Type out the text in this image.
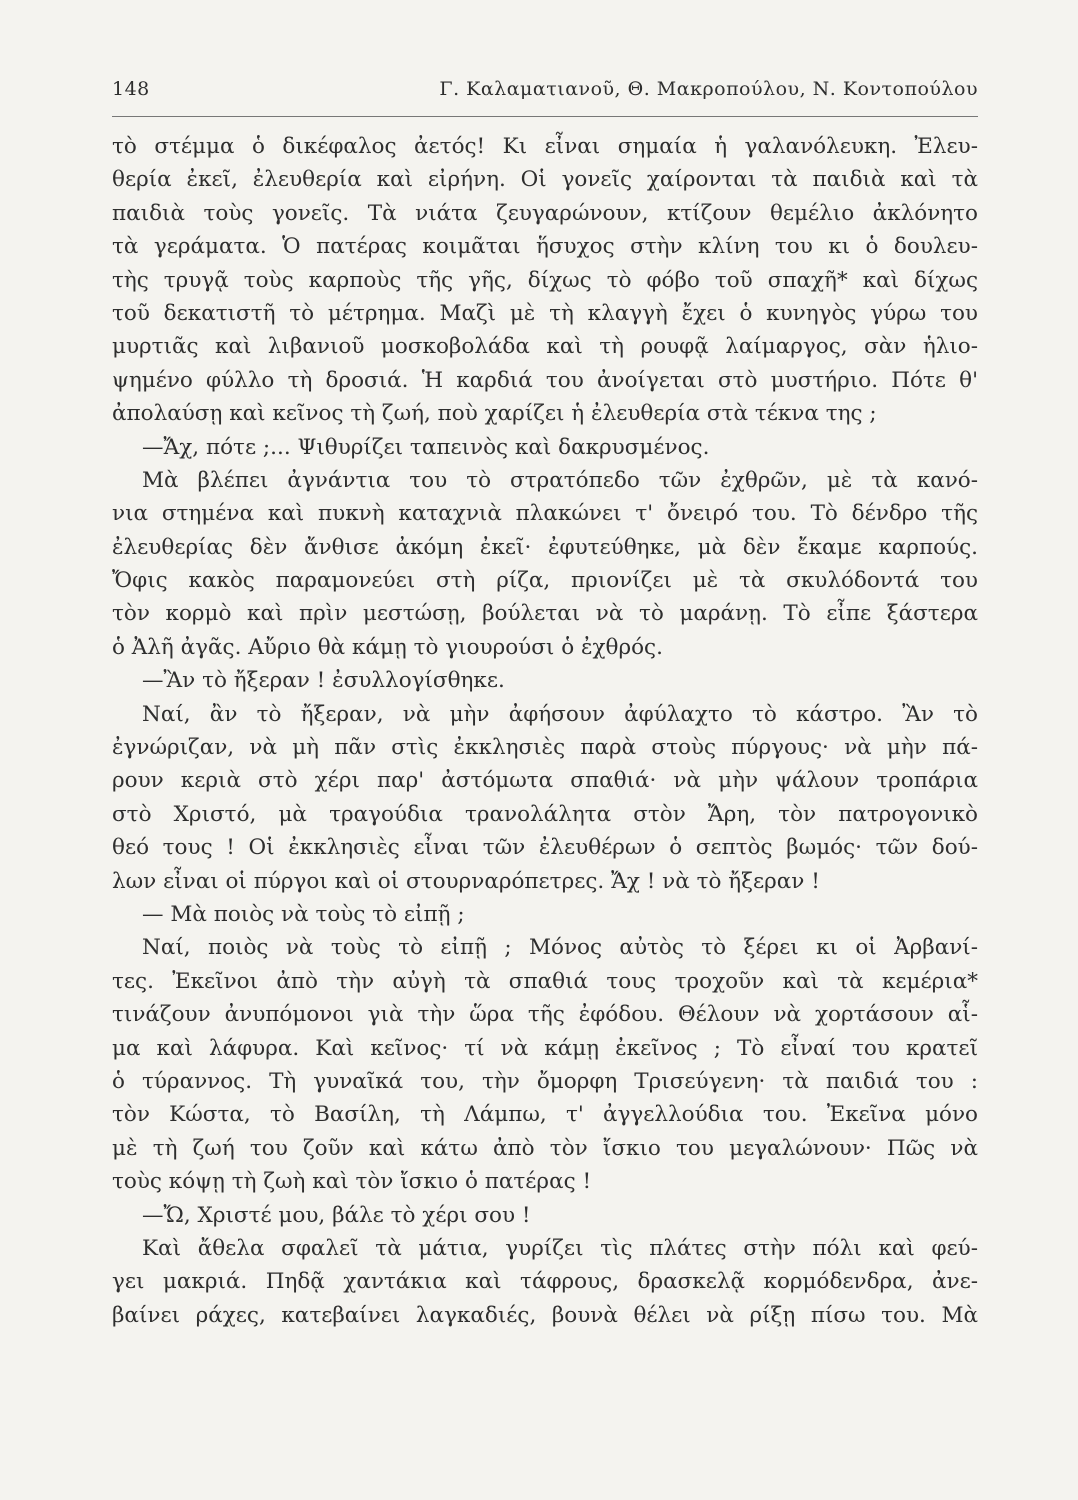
148	Γ. Καλαματιανοῦ, Θ. Μακροπούλου, Ν. Κοντοπούλου
τὸ στέμμα ὁ δικέφαλος ἀετός! Κι εἶναι σημαία ἡ γαλανόλευκη. Ἐλευ-
θερία ἐκεῖ, ἐλευθερία καὶ εἰρήνη. Οἱ γονεῖς χαίρονται τὰ παιδιὰ καὶ τὰ
παιδιὰ τοὺς γονεῖς. Τὰ νιάτα ζευγαρώνουν, κτίζουν θεμέλιο ἀκλόνητο
τὰ γεράματα. Ὁ πατέρας κοιμᾶται ἥσυχος στὴν κλίνη του κι ὁ δουλευ-
τὴς τρυγᾷ τοὺς καρποὺς τῆς γῆς, δίχως τὸ φόβο τοῦ σπαχῆ* καὶ δίχως
τοῦ δεκατιστῆ τὸ μέτρημα. Μαζὶ μὲ τὴ κλαγγὴ ἔχει ὁ κυνηγὸς γύρω του
μυρτιᾶς καὶ λιβανιοῦ μοσκοβολάδα καὶ τὴ ρουφᾷ λαίμαργος, σὰν ἡλιο-
ψημένο φύλλο τὴ δροσιά. Ἡ καρδιά του ἀνοίγεται στὸ μυστήριο. Πότε θ'
ἀπολαύσῃ καὶ κεῖνος τὴ ζωή, ποὺ χαρίζει ἡ ἐλευθερία στὰ τέκνα της ;
—Ἄχ, πότε ;... Ψιθυρίζει ταπεινὸς καὶ δακρυσμένος.
Μὰ βλέπει ἀγνάντια του τὸ στρατόπεδο τῶν ἐχθρῶν, μὲ τὰ κανό-
νια στημένα καὶ πυκνὴ καταχνιὰ πλακώνει τ' ὄνειρό του. Τὸ δένδρο τῆς
ἐλευθερίας δὲν ἄνθισε ἀκόμη ἐκεῖ· ἐφυτεύθηκε, μὰ δὲν ἔκαμε καρπούς.
Ὄφις κακὸς παραμονεύει στὴ ρίζα, πριονίζει μὲ τὰ σκυλόδοντά του
τὸν κορμὸ καὶ πρὶν μεστώσῃ, βούλεται νὰ τὸ μαράνῃ. Τὸ εἶπε ξάστερα
ὁ Ἀλῆ ἀγᾶς. Αὔριο θὰ κάμῃ τὸ γιουρούσι ὁ ἐχθρός.
—Ἂν τὸ ἤξεραν ! ἐσυλλογίσθηκε.
Ναί, ἂν τὸ ἤξεραν, νὰ μὴν ἀφήσουν ἀφύλαχτο τὸ κάστρο. Ἂν τὸ
ἐγνώριζαν, νὰ μὴ πᾶν στὶς ἐκκλησιὲς παρὰ στοὺς πύργους· νὰ μὴν πά-
ρουν κεριὰ στὸ χέρι παρ' ἀστόμωτα σπαθιά· νὰ μὴν ψάλουν τροπάρια
στὸ Χριστό, μὰ τραγούδια τρανολάλητα στὸν Ἄρη, τὸν πατρογονικὸ
θεό τους ! Οἱ ἐκκλησιὲς εἶναι τῶν ἐλευθέρων ὁ σεπτὸς βωμός· τῶν δού-
λων εἶναι οἱ πύργοι καὶ οἱ στουρναρόπετρες. Ἄχ ! νὰ τὸ ἤξεραν !
— Μὰ ποιὸς νὰ τοὺς τὸ εἰπῇ ;
Ναί, ποιὸς νὰ τοὺς τὸ εἰπῇ ; Μόνος αὐτὸς τὸ ξέρει κι οἱ Ἀρβανί-
τες. Ἐκεῖνοι ἀπὸ τὴν αὐγὴ τὰ σπαθιά τους τροχοῦν καὶ τὰ κεμέρια*
τινάζουν ἀνυπόμονοι γιὰ τὴν ὥρα τῆς ἐφόδου. Θέλουν νὰ χορτάσουν αἷ-
μα καὶ λάφυρα. Καὶ κεῖνος· τί νὰ κάμῃ ἐκεῖνος ; Τὸ εἶναί του κρατεῖ
ὁ τύραννος. Τὴ γυναῖκά του, τὴν ὄμορφη Τρισεύγενη· τὰ παιδιά του :
τὸν Κώστα, τὸ Βασίλη, τὴ Λάμπω, τ' ἀγγελλούδια του. Ἐκεῖνα μόνο
μὲ τὴ ζωή του ζοῦν καὶ κάτω ἀπὸ τὸν ἴσκιο του μεγαλώνουν· Πῶς νὰ
τοὺς κόψῃ τὴ ζωὴ καὶ τὸν ἴσκιο ὁ πατέρας !
—Ὤ, Χριστέ μου, βάλε τὸ χέρι σου !
Καὶ ἄθελα σφαλεῖ τὰ μάτια, γυρίζει τὶς πλάτες στὴν πόλι καὶ φεύ-
γει μακριά. Πηδᾷ χαντάκια καὶ τάφρους, δρασκελᾷ κορμόδενδρα, ἀνε-
βαίνει ράχες, κατεβαίνει λαγκαδιές, βουνὰ θέλει νὰ ρίξῃ πίσω του. Μὰ
